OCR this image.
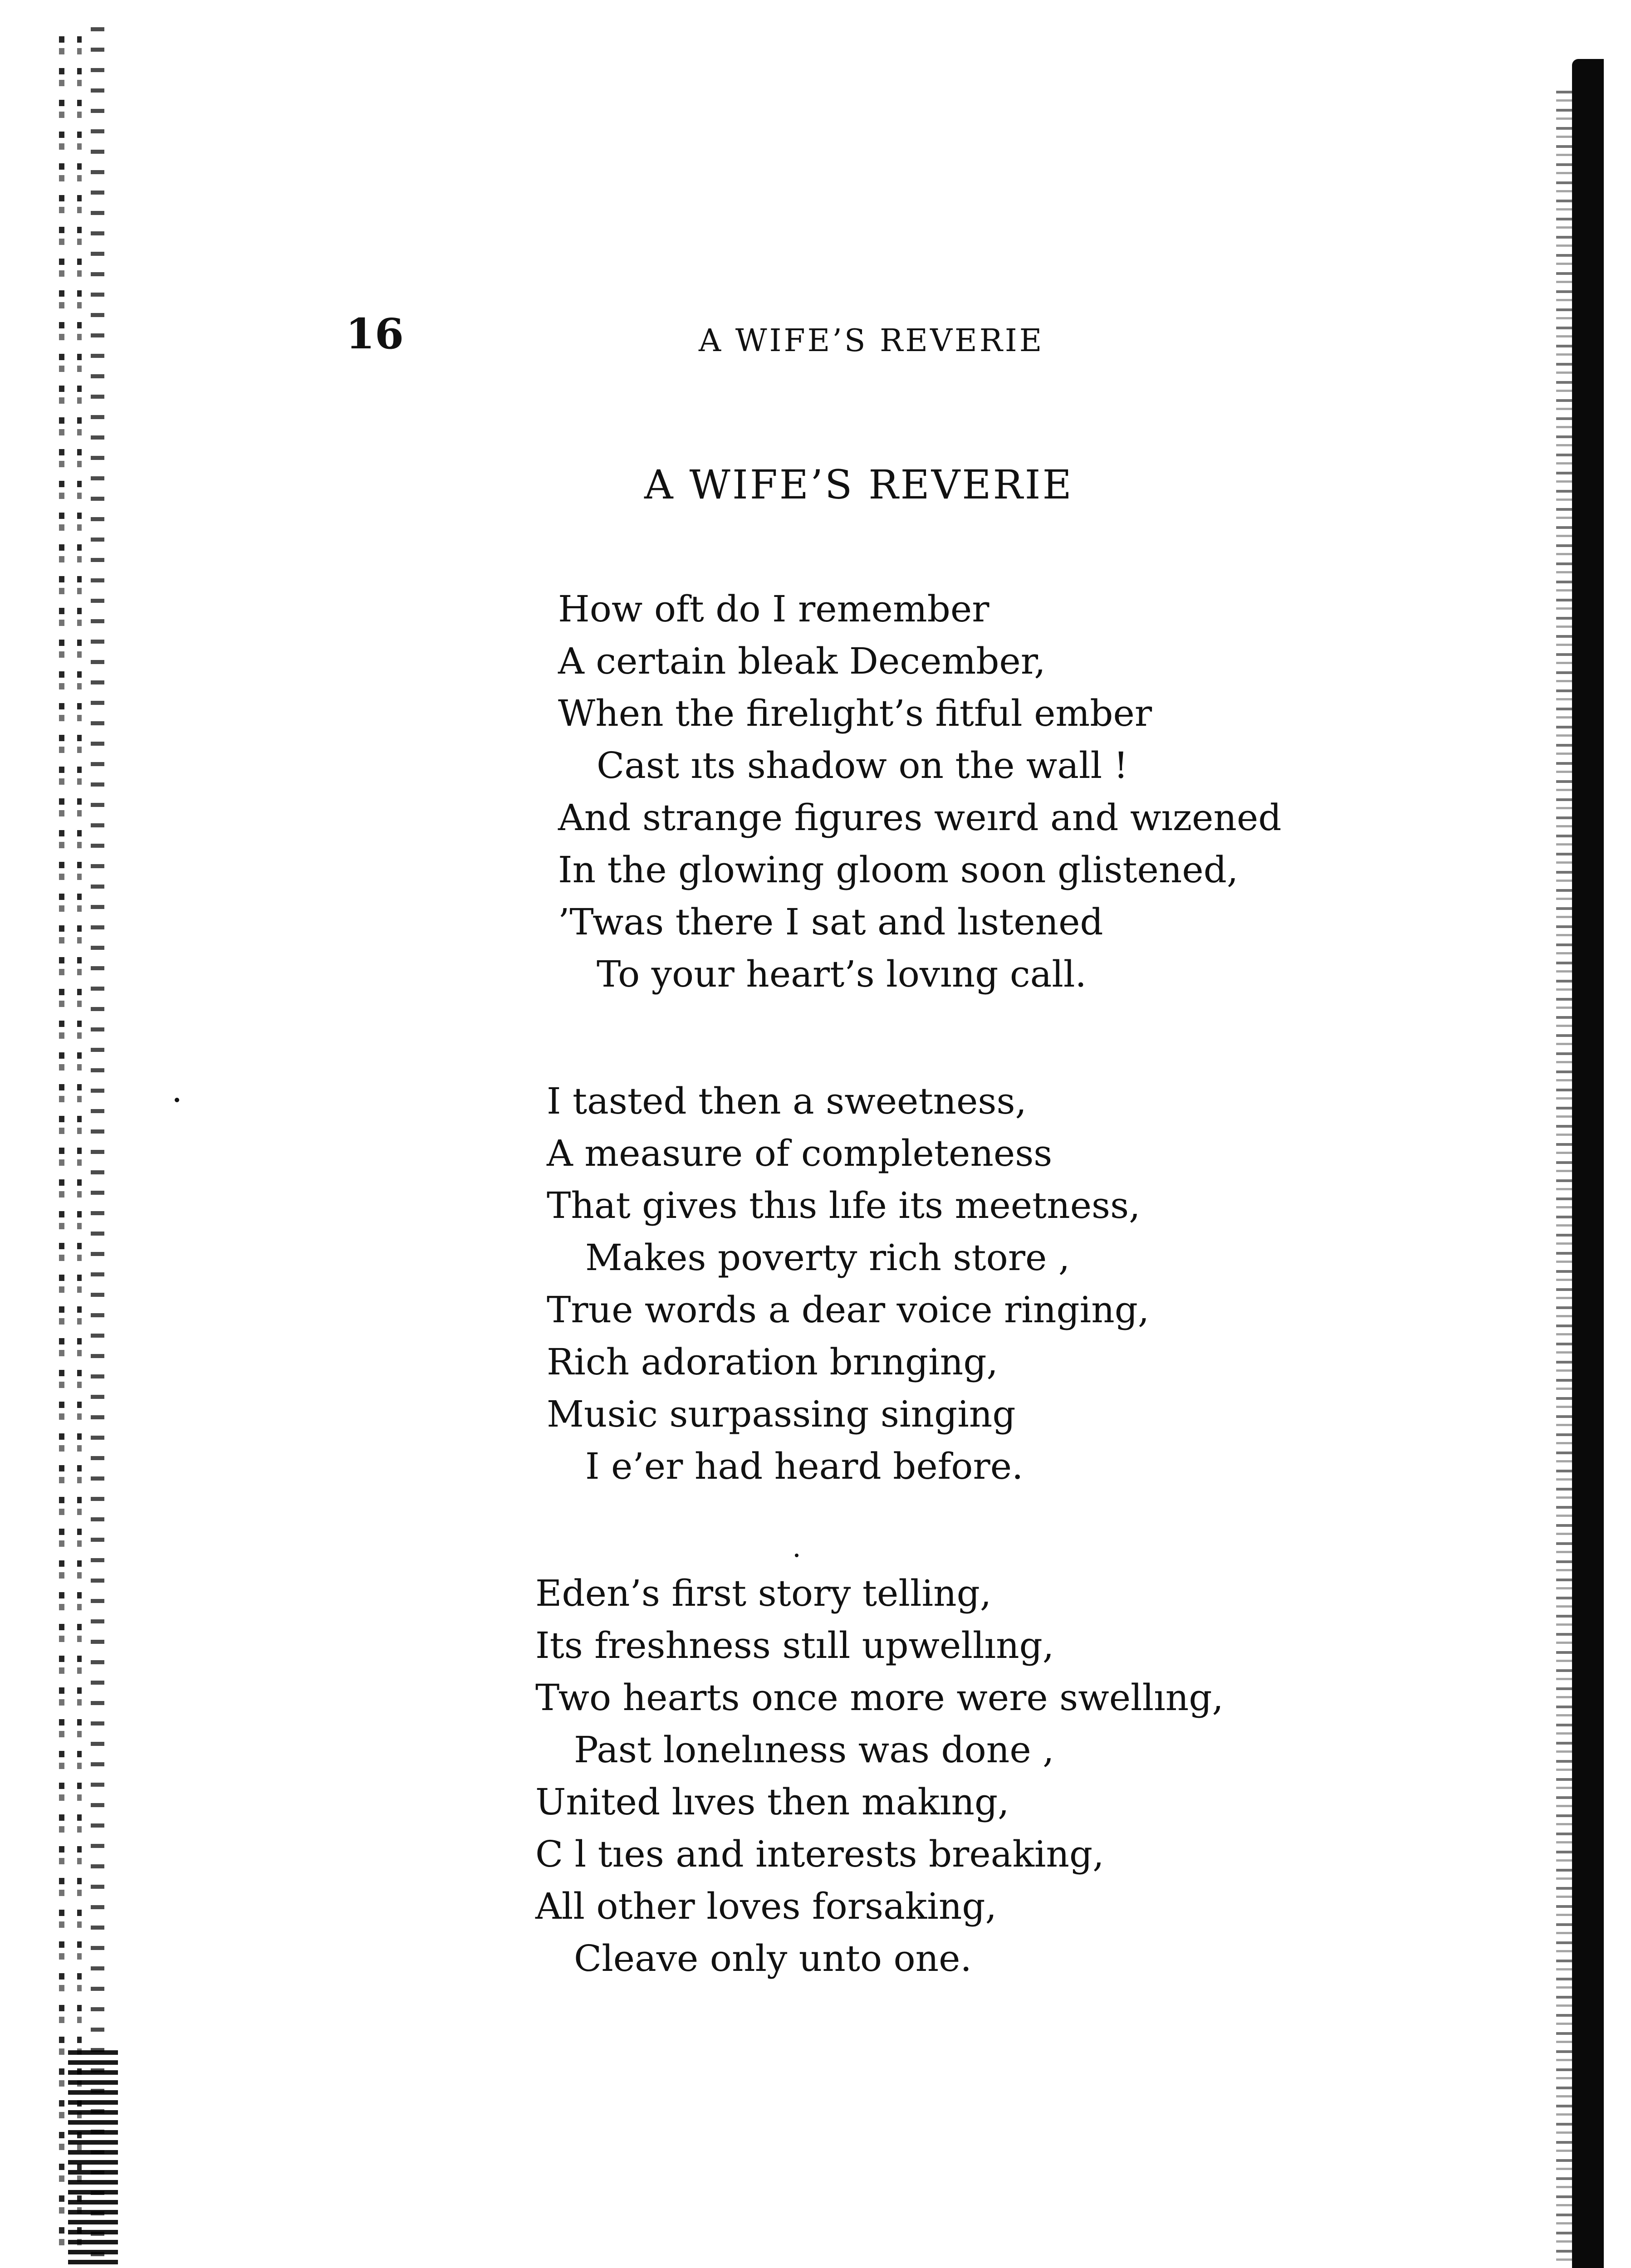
16	A WIFE’S REVERIE
A WIFE’S REVERIE
How oft do I remember
A certain bleak December,
When the firelıght’s fitful ember
Cast ıts shadow on the wall !
And strange figures weırd and wızened
In the glowing gloom soon glistened,
’Twas there I sat and lıstened
To your heart’s lovıng call.
I tasted then a sweetness,
A measure of completeness
That gives thıs lıfe its meetness,
Makes poverty rich store ,
True words a dear voice ringing,
Rich adoration brınging,
Music surpassing singing
I e’er had heard before.
Eden’s first story telling,
Its freshness stıll upwellıng,
Two hearts once more were swellıng,
Past lonelıness was done ,
United lıves then makıng,
C l tıes and interests breaking,
All other loves forsaking,
Cleave only unto one.
